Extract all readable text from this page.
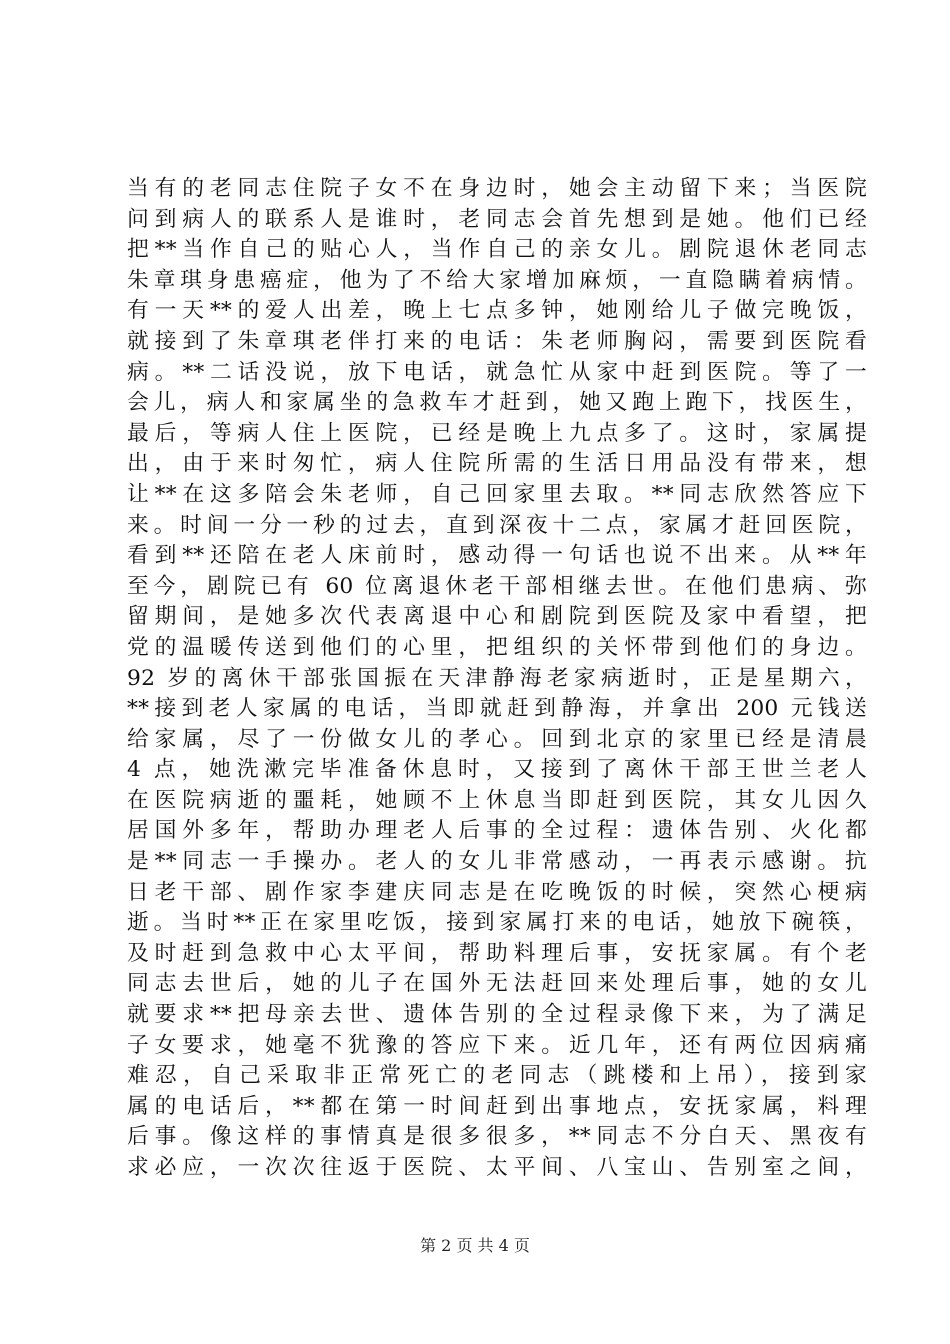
当有的老同志住院子女不在身边时，她会主动留下来；当医院
问到病人的联系人是谁时，老同志会首先想到是她。他们已经
把**当作自己的贴心人，当作自己的亲女儿。剧院退休老同志
朱章琪身患癌症，他为了不给大家增加麻烦，一直隐瞒着病情。
有一天**的爱人出差，晚上七点多钟，她刚给儿子做完晚饭，
就接到了朱章琪老伴打来的电话：朱老师胸闷，需要到医院看
病。**二话没说，放下电话，就急忙从家中赶到医院。等了一
会儿，病人和家属坐的急救车才赶到，她又跑上跑下，找医生，
最后，等病人住上医院，已经是晚上九点多了。这时，家属提
出，由于来时匆忙，病人住院所需的生活日用品没有带来，想
让**在这多陪会朱老师，自己回家里去取。**同志欣然答应下
来。时间一分一秒的过去，直到深夜十二点，家属才赶回医院，
看到**还陪在老人床前时，感动得一句话也说不出来。从**年
至今，剧院已有 60 位离退休老干部相继去世。在他们患病、弥
留期间，是她多次代表离退中心和剧院到医院及家中看望，把
党的温暖传送到他们的心里，把组织的关怀带到他们的身边。
92 岁的离休干部张国振在天津静海老家病逝时，正是星期六，
**接到老人家属的电话，当即就赶到静海，并拿出 200 元钱送
给家属，尽了一份做女儿的孝心。回到北京的家里已经是清晨
4 点，她洗漱完毕准备休息时，又接到了离休干部王世兰老人
在医院病逝的噩耗，她顾不上休息当即赶到医院，其女儿因久
居国外多年，帮助办理老人后事的全过程：遗体告别、火化都
是**同志一手操办。老人的女儿非常感动，一再表示感谢。抗
日老干部、剧作家李建庆同志是在吃晚饭的时候，突然心梗病
逝。当时**正在家里吃饭，接到家属打来的电话，她放下碗筷，
及时赶到急救中心太平间，帮助料理后事，安抚家属。有个老
同志去世后，她的儿子在国外无法赶回来处理后事，她的女儿
就要求**把母亲去世、遗体告别的全过程录像下来，为了满足
子女要求，她毫不犹豫的答应下来。近几年，还有两位因病痛
难忍，自己采取非正常死亡的老同志（跳楼和上吊），接到家
属的电话后，**都在第一时间赶到出事地点，安抚家属，料理
后事。像这样的事情真是很多很多，**同志不分白天、黑夜有
求必应，一次次往返于医院、太平间、八宝山、告别室之间，
第 2 页 共 4 页
